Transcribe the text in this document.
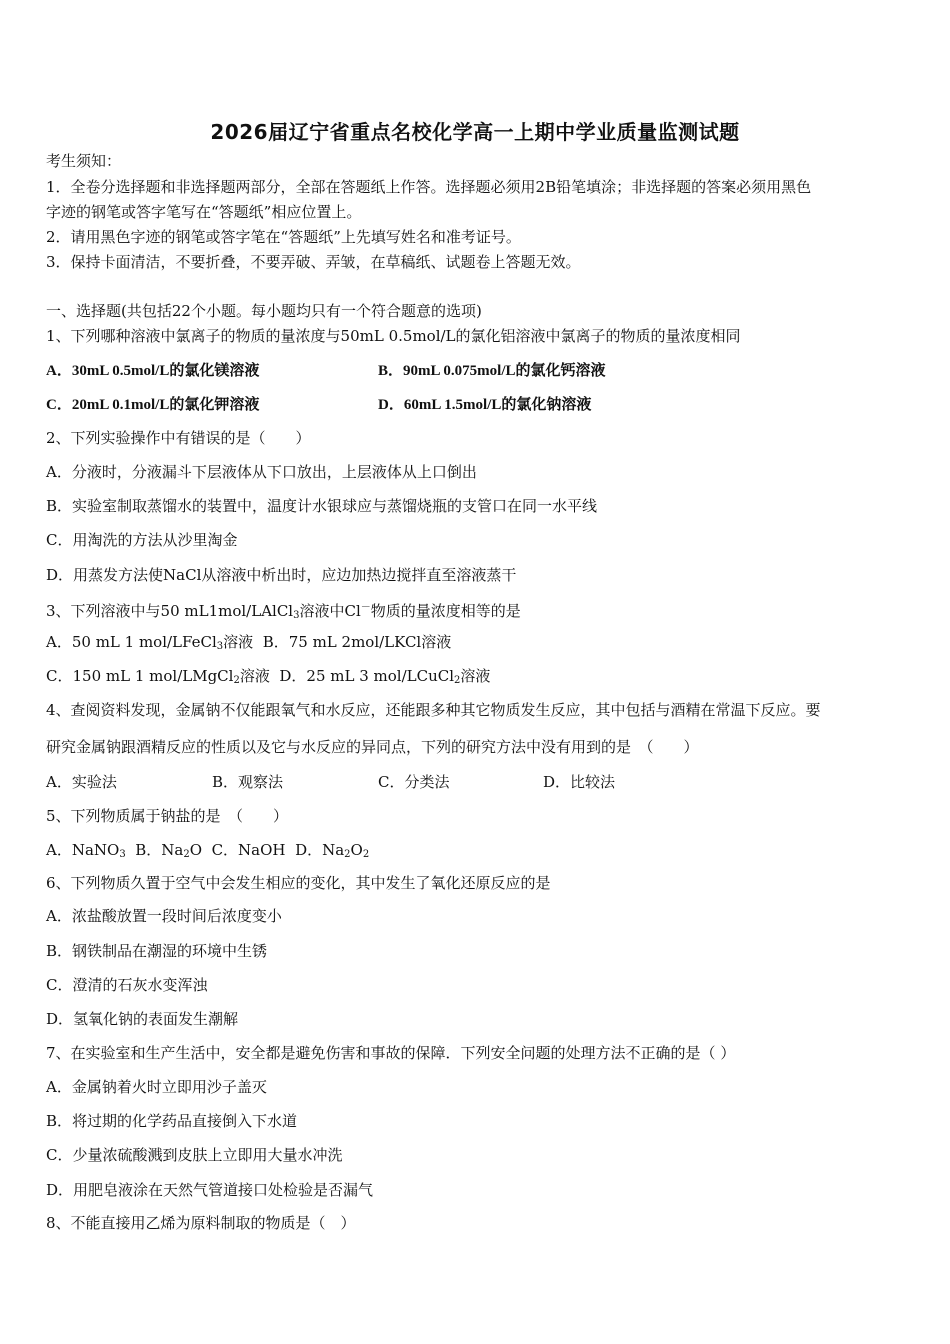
2026届辽宁省重点名校化学高一上期中学业质量监测试题
考生须知：
1．全卷分选择题和非选择题两部分，全部在答题纸上作答。选择题必须用2B铅笔填涂；非选择题的答案必须用黑色
字迹的钢笔或答字笔写在“答题纸”相应位置上。
2．请用黑色字迹的钢笔或答字笔在“答题纸”上先填写姓名和准考证号。
3．保持卡面清洁，不要折叠，不要弄破、弄皱，在草稿纸、试题卷上答题无效。
一、选择题(共包括22个小题。每小题均只有一个符合题意的选项)
1、下列哪种溶液中氯离子的物质的量浓度与50mL 0.5mol/L的氯化铝溶液中氯离子的物质的量浓度相同
A．30mL 0.5mol/L的氯化镁溶液	B．90mL 0.075mol/L的氯化钙溶液
C．20mL 0.1mol/L的氯化钾溶液	D．60mL 1.5mol/L的氯化钠溶液
2、下列实验操作中有错误的是（　　）
A．分液时，分液漏斗下层液体从下口放出，上层液体从上口倒出
B．实验室制取蒸馏水的装置中，温度计水银球应与蒸馏烧瓶的支管口在同一水平线
C．用淘洗的方法从沙里淘金
D．用蒸发方法使NaCl从溶液中析出时，应边加热边搅拌直至溶液蒸干
3、下列溶液中与50 mL1mol/LAlCl$_3$溶液中Cl－物质的量浓度相等的是
A．50 mL 1 mol/LFeCl$_3$溶液 B．75 mL 2mol/LKCl溶液
C．150 mL 1 mol/LMgCl$_2$溶液 D．25 mL 3 mol/LCuCl$_2$溶液
4、查阅资料发现，金属钠不仅能跟氧气和水反应，还能跟多种其它物质发生反应，其中包括与酒精在常温下反应。要
研究金属钠跟酒精反应的性质以及它与水反应的异同点，下列的研究方法中没有用到的是　（　　）
A．实验法	B．观察法	C．分类法	D．比较法
5、下列物质属于钠盐的是　（　　）
A．NaNO$_3$ B．$Na_2O$ C．NaOH D．$Na_2O_2$
6、下列物质久置于空气中会发生相应的变化，其中发生了氧化还原反应的是
A．浓盐酸放置一段时间后浓度变小
B．钢铁制品在潮湿的环境中生锈
C．澄清的石灰水变浑浊
D．氢氧化钠的表面发生潮解
7、在实验室和生产生活中，安全都是避免伤害和事故的保障．下列安全问题的处理方法不正确的是（ ）
A．金属钠着火时立即用沙子盖灭
B．将过期的化学药品直接倒入下水道
C．少量浓硫酸溅到皮肤上立即用大量水冲洗
D．用肥皂液涂在天然气管道接口处检验是否漏气
8、不能直接用乙烯为原料制取的物质是（　）
